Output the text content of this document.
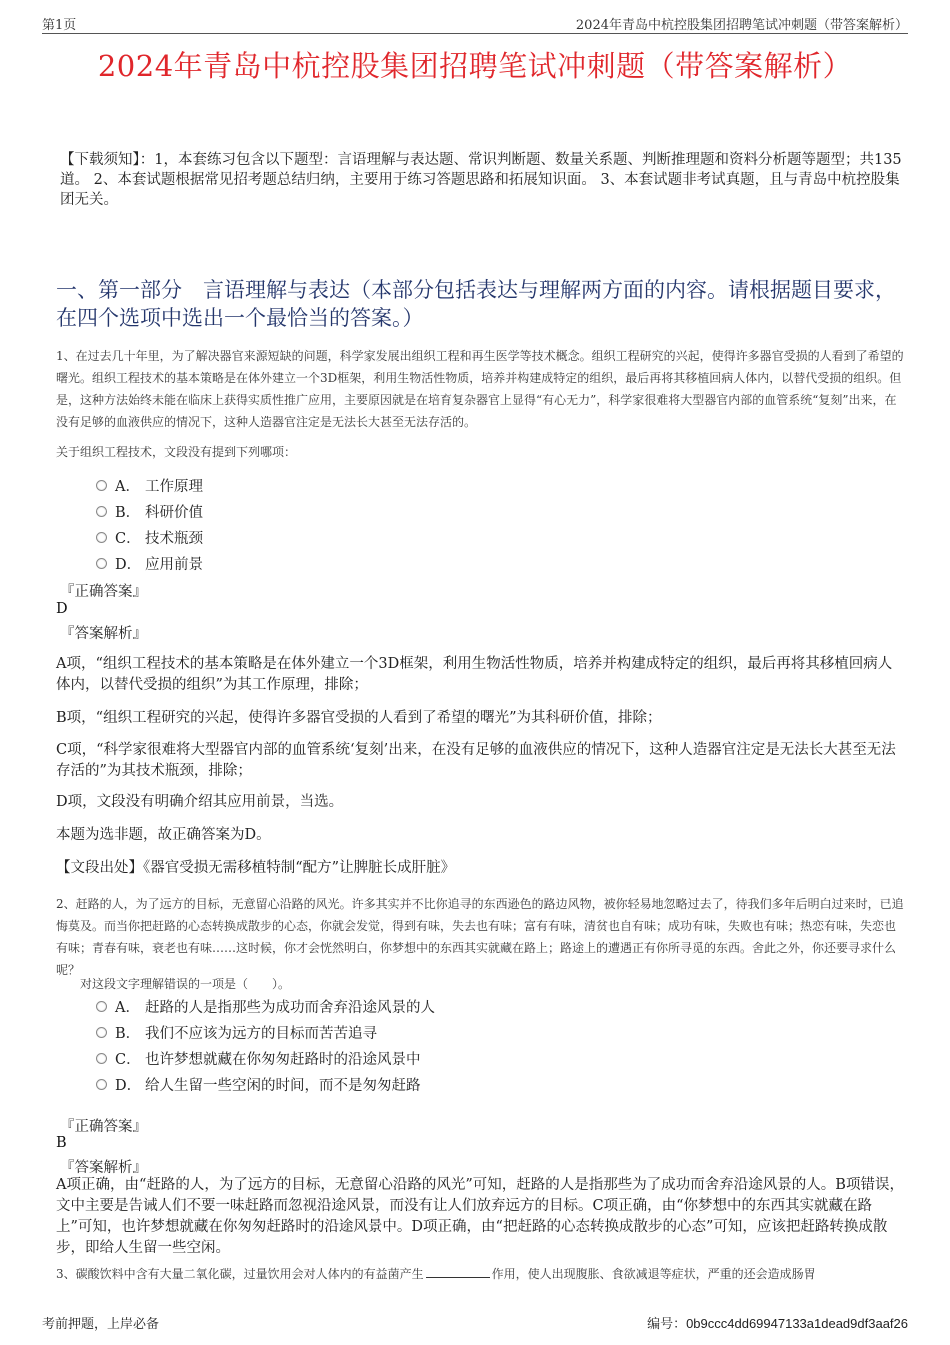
第1页	2024年青岛中杭控股集团招聘笔试冲刺题（带答案解析）
2024年青岛中杭控股集团招聘笔试冲刺题（带答案解析）
【下载须知】：1，本套练习包含以下题型：言语理解与表达题、常识判断题、数量关系题、判断推理题和资料分析题等题型；共135道。 2、本套试题根据常见招考题总结归纳，主要用于练习答题思路和拓展知识面。 3、本套试题非考试真题，且与青岛中杭控股集团无关。
一、第一部分　言语理解与表达（本部分包括表达与理解两方面的内容。请根据题目要求，在四个选项中选出一个最恰当的答案。）
1、在过去几十年里，为了解决器官来源短缺的问题，科学家发展出组织工程和再生医学等技术概念。组织工程研究的兴起，使得许多器官受损的人看到了希望的曙光。组织工程技术的基本策略是在体外建立一个3D框架，利用生物活性物质，培养并构建成特定的组织，最后再将其移植回病人体内，以替代受损的组织。但是，这种方法始终未能在临床上获得实质性推广应用，主要原因就是在培育复杂器官上显得“有心无力”，科学家很难将大型器官内部的血管系统“复刻”出来，在没有足够的血液供应的情况下，这种人造器官注定是无法长大甚至无法存活的。
关于组织工程技术，文段没有提到下列哪项：
A． 工作原理
B． 科研价值
C． 技术瓶颈
D． 应用前景
『正确答案』
D
『答案解析』
A项，“组织工程技术的基本策略是在体外建立一个3D框架，利用生物活性物质，培养并构建成特定的组织，最后再将其移植回病人体内，以替代受损的组织”为其工作原理，排除；
B项，“组织工程研究的兴起，使得许多器官受损的人看到了希望的曙光”为其科研价值，排除；
C项，“科学家很难将大型器官内部的血管系统‘复刻’出来，在没有足够的血液供应的情况下，这种人造器官注定是无法长大甚至无法存活的”为其技术瓶颈，排除；
D项，文段没有明确介绍其应用前景，当选。
本题为选非题，故正确答案为D。
【文段出处】《器官受损无需移植特制“配方”让脾脏长成肝脏》
2、赶路的人，为了远方的目标，无意留心沿路的风光。许多其实并不比你追寻的东西逊色的路边风物，被你轻易地忽略过去了，待我们多年后明白过来时，已追悔莫及。而当你把赶路的心态转换成散步的心态，你就会发觉，得到有味，失去也有味；富有有味，清贫也自有味；成功有味，失败也有味；热恋有味，失恋也有味；青春有味，衰老也有味……这时候，你才会恍然明白，你梦想中的东西其实就藏在路上；路途上的遭遇正有你所寻觅的东西。舍此之外，你还要寻求什么呢？
对这段文字理解错误的一项是（　　）。
A． 赶路的人是指那些为成功而舍弃沿途风景的人
B． 我们不应该为远方的目标而苦苦追寻
C． 也许梦想就藏在你匆匆赶路时的沿途风景中
D． 给人生留一些空闲的时间，而不是匆匆赶路
『正确答案』
B
『答案解析』
A项正确，由“赶路的人，为了远方的目标，无意留心沿路的风光”可知，赶路的人是指那些为了成功而舍弃沿途风景的人。B项错误，文中主要是告诫人们不要一味赶路而忽视沿途风景，而没有让人们放弃远方的目标。C项正确，由“你梦想中的东西其实就藏在路上”可知，也许梦想就藏在你匆匆赶路时的沿途风景中。D项正确，由“把赶路的心态转换成散步的心态”可知，应该把赶路转换成散步，即给人生留一些空闲。
3、碳酸饮料中含有大量二氧化碳，过量饮用会对人体内的有益菌产生	作用，使人出现腹胀、食欲减退等症状，严重的还会造成肠胃
考前押题，上岸必备	编号：0b9ccc4dd69947133a1dead9df3aaf26
